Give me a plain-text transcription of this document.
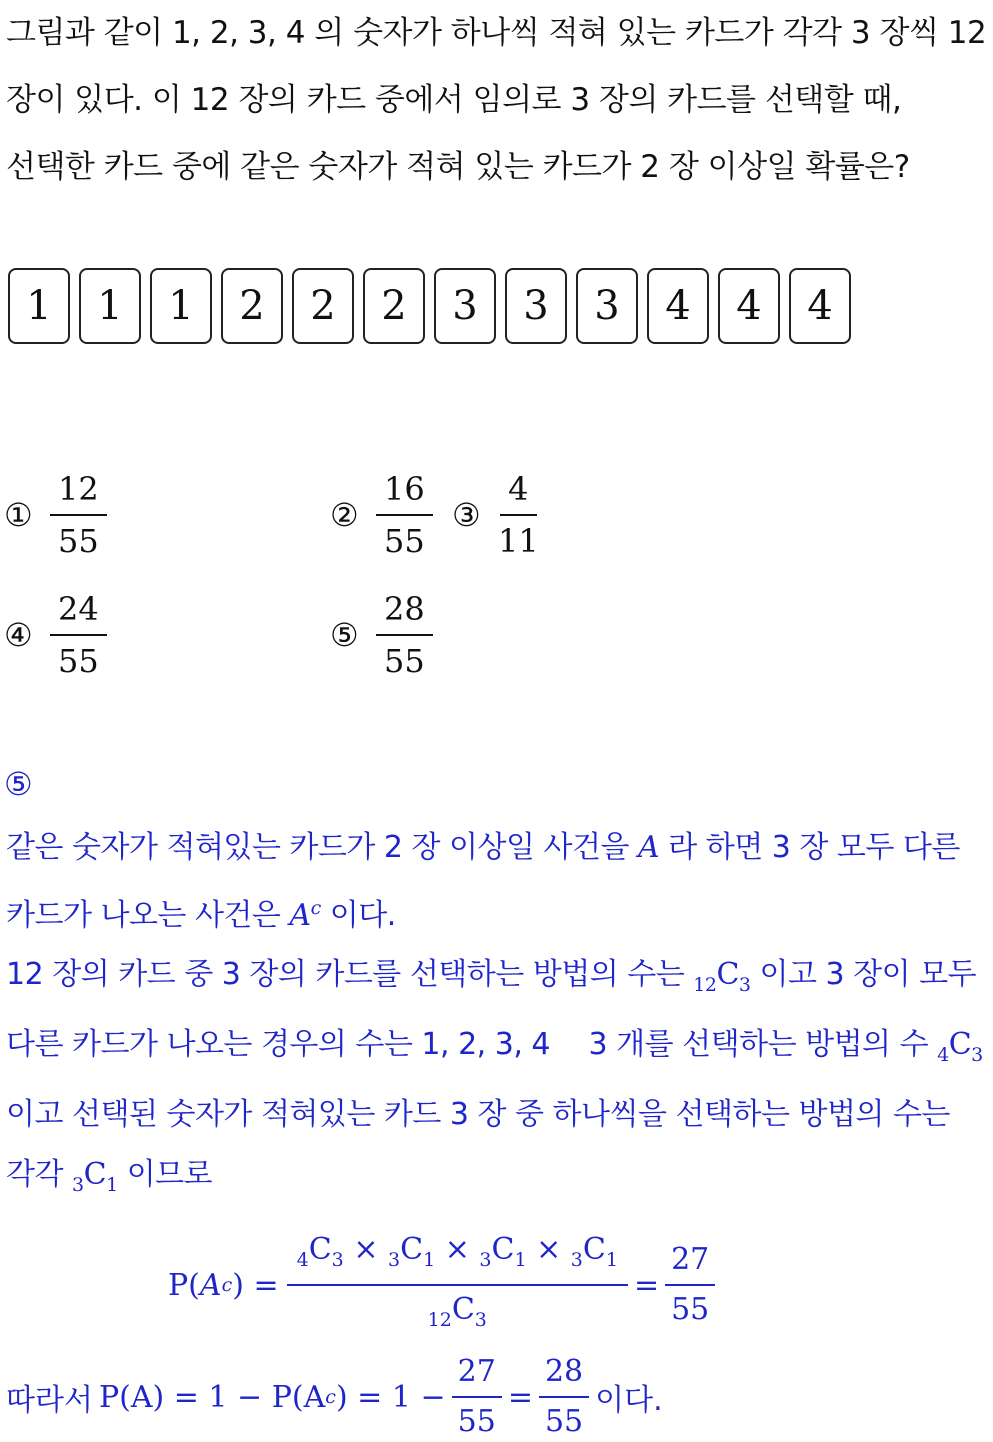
그림과 같이 1, 2, 3, 4 의 숫자가 하나씩 적혀 있는 카드가 각각 3 장씩 12 장이 있다. 이 12 장의 카드 중에서 임의로 3 장의 카드를 선택할 때, 선택한 카드 중에 같은 숫자가 적혀 있는 카드가 2 장 이상일 확률은?
1	1	1	2	2	2	3	3	3	4	4	4
① $\frac{12}{55}$	② $\frac{16}{55}$ ③ $\frac{4}{11}$
④ $\frac{24}{55}$	⑤ $\frac{28}{55}$
⑤
같은 숫자가 적혀있는 카드가 2 장 이상일 사건을 A 라 하면 3 장 모두 다른 카드가 나오는 사건은 $A^c$ 이다.
12 장의 카드 중 3 장의 카드를 선택하는 방법의 수는 $_{12}C_3$ 이고 3 장이 모두 다른 카드가 나오는 경우의 수는 1, 2, 3, 4 　3 개를 선택하는 방법의 수 $_4C_3$ 이고 선택된 숫자가 적혀있는 카드 3 장 중 하나씩을 선택하는 방법의 수는 각각 $_3C_1$ 이므로
P( A c ) = $\frac{_4C_3 \times _3C_1 \times _3C_1 \times _3C_1}{_{12}C_3} = \frac{27}{55}$
따라서 P(A) = 1 − P(A c ) = $1 - \frac{27}{55} = \frac{28}{55}$ 이다.
